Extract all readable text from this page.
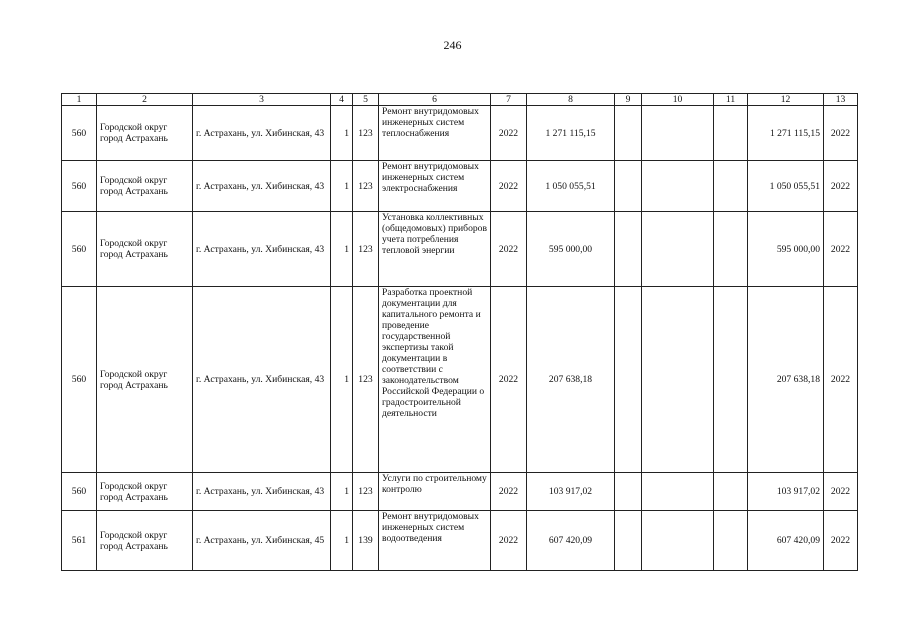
246
1	2	3	4	5	6	7	8	9	10	11	12	13
560	Городской округ город Астрахань	г. Астрахань, ул. Хибинская, 43	1	123	Ремонт внутридомовых инженерных систем теплоснабжения	2022	1 271 115,15				1 271 115,15	2022
560	Городской округ город Астрахань	г. Астрахань, ул. Хибинская, 43	1	123	Ремонт внутридомовых инженерных систем электроснабжения	2022	1 050 055,51				1 050 055,51	2022
560	Городской округ город Астрахань	г. Астрахань, ул. Хибинская, 43	1	123	Установка коллективных (общедомовых) приборов учета потребления тепловой энергии	2022	595 000,00				595 000,00	2022
560	Городской округ город Астрахань	г. Астрахань, ул. Хибинская, 43	1	123	Разработка проектной документации для капитального ремонта и проведение государственной экспертизы такой документации в соответствии с законодательством Российской Федерации о градостроительной деятельности	2022	207 638,18				207 638,18	2022
560	Городской округ город Астрахань	г. Астрахань, ул. Хибинская, 43	1	123	Услуги по строительному контролю	2022	103 917,02				103 917,02	2022
561	Городской округ город Астрахань	г. Астрахань, ул. Хибинская, 45	1	139	Ремонт внутридомовых инженерных систем водоотведения	2022	607 420,09				607 420,09	2022
